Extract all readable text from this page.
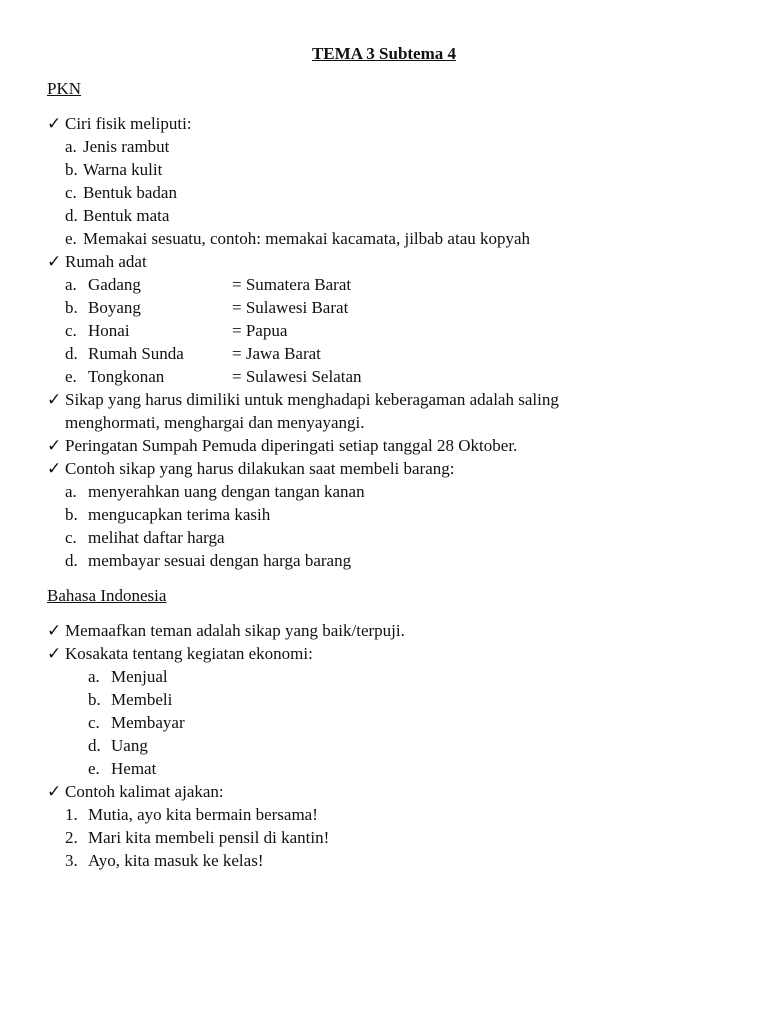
TEMA 3 Subtema 4
PKN
✓ Ciri fisik meliputi:
a. Jenis rambut
b. Warna kulit
c. Bentuk badan
d. Bentuk mata
e. Memakai sesuatu, contoh: memakai kacamata, jilbab atau kopyah
✓ Rumah adat
a. Gadang	= Sumatera Barat
b. Boyang	= Sulawesi Barat
c. Honai	= Papua
d. Rumah Sunda	= Jawa Barat
e. Tongkonan	= Sulawesi Selatan
✓ Sikap yang harus dimiliki untuk menghadapi keberagaman adalah saling
menghormati, menghargai dan menyayangi.
✓ Peringatan Sumpah Pemuda diperingati setiap tanggal 28 Oktober.
✓ Contoh sikap yang harus dilakukan saat membeli barang:
a. menyerahkan uang dengan tangan kanan
b. mengucapkan terima kasih
c. melihat daftar harga
d. membayar sesuai dengan harga barang
Bahasa Indonesia
✓ Memaafkan teman adalah sikap yang baik/terpuji.
✓ Kosakata tentang kegiatan ekonomi:
a. Menjual
b. Membeli
c. Membayar
d. Uang
e. Hemat
✓ Contoh kalimat ajakan:
1. Mutia, ayo kita bermain bersama!
2. Mari kita membeli pensil di kantin!
3. Ayo, kita masuk ke kelas!
